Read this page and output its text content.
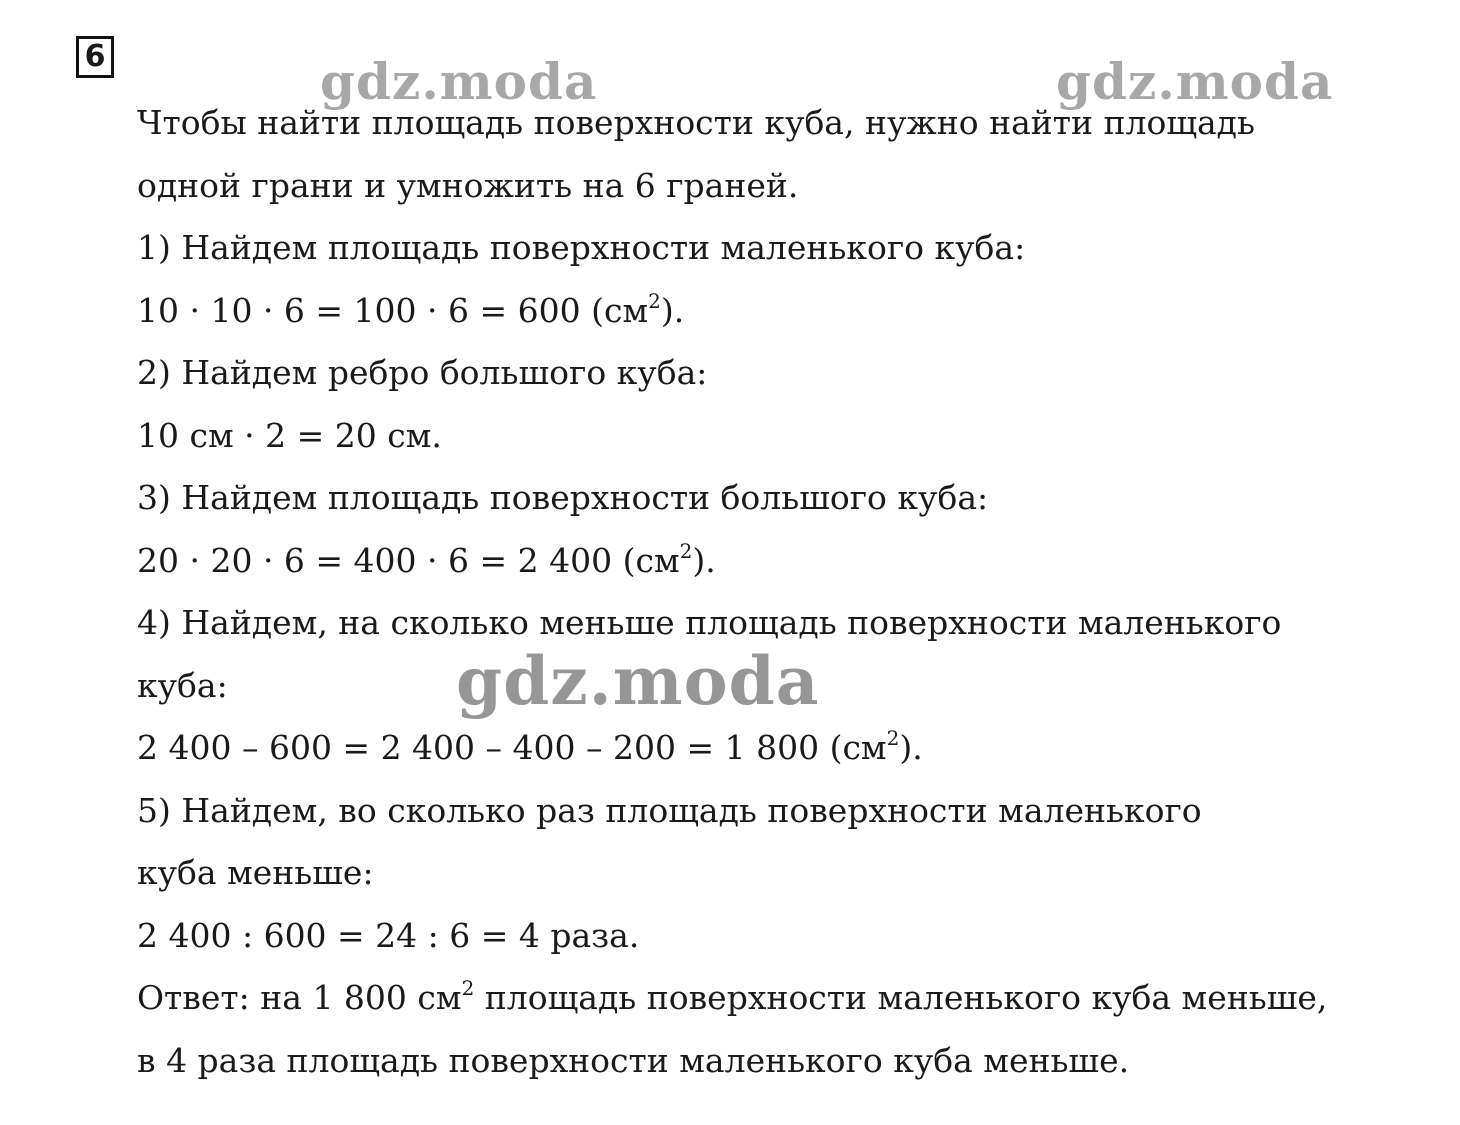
6	gdz.moda	gdz.moda
gdz.moda
Чтобы найти площадь поверхности куба, нужно найти площадь
одной грани и умножить на 6 граней.
1) Найдем площадь поверхности маленького куба:
10 · 10 · 6 = 100 · 6 = 600 $(см^2)$.
2) Найдем ребро большого куба:
10 см · 2 = 20 см.
3) Найдем площадь поверхности большого куба:
20 · 20 · 6 = 400 · 6 = 2 400 $(см^2)$.
4) Найдем, на сколько меньше площадь поверхности маленького
куба:
2 400 – 600 = 2 400 – 400 – 200 = 1 800 $(см^2)$.
5) Найдем, во сколько раз площадь поверхности маленького
куба меньше:
2 400 : 600 = 24 : 6 = 4 раза.
Ответ: на 1 800 $см^2$ площадь поверхности маленького куба меньше,
в 4 раза площадь поверхности маленького куба меньше.
